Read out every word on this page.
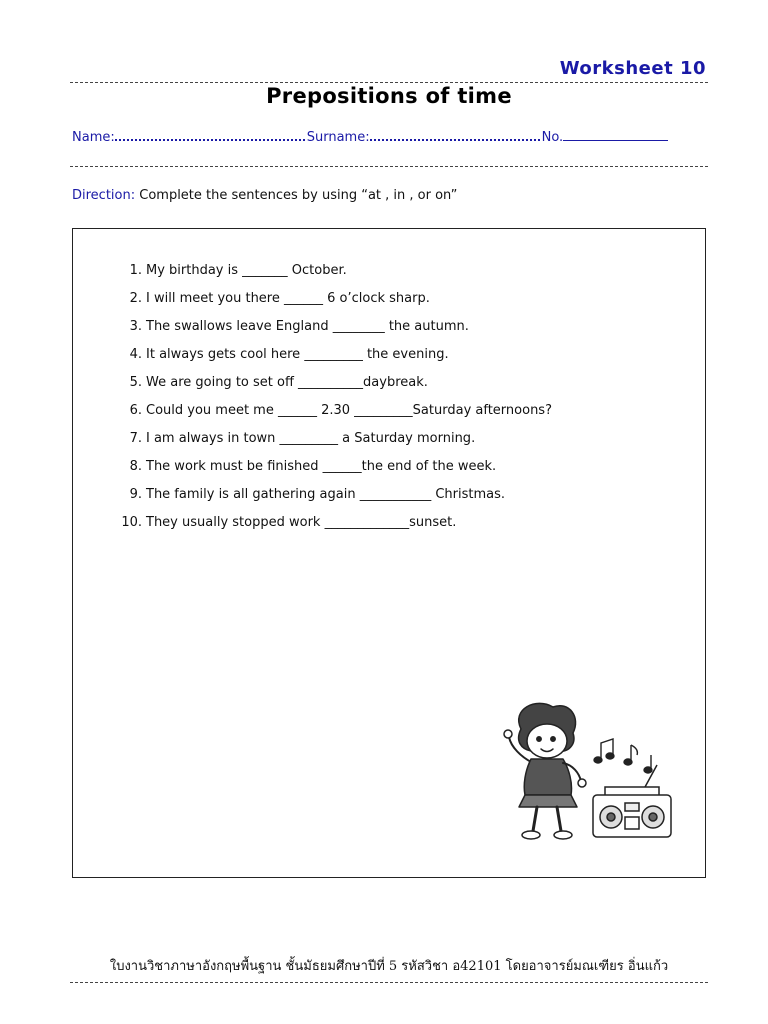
Worksheet 10
Prepositions of time
Name:	Surname:	No.
Direction: Complete the sentences by using “at , in , or on”
1. My birthday is _______ October.
2. I will meet you there ______ 6 o’clock sharp.
3. The swallows leave England ________ the autumn.
4. It always gets cool here _________ the evening.
5. We are going to set off __________daybreak.
6. Could you meet me ______ 2.30 _________Saturday afternoons?
7. I am always in town _________ a Saturday morning.
8. The work must be finished ______the end of the week.
9. The family is all gathering again ___________ Christmas.
10. They usually stopped work _____________sunset.
ใบงานวิชาภาษาอังกฤษพื้นฐาน ชั้นมัธยมศึกษาปีที่ 5 รหัสวิชา อ42101 โดยอาจารย์มณเฑียร อิ่นแก้ว
